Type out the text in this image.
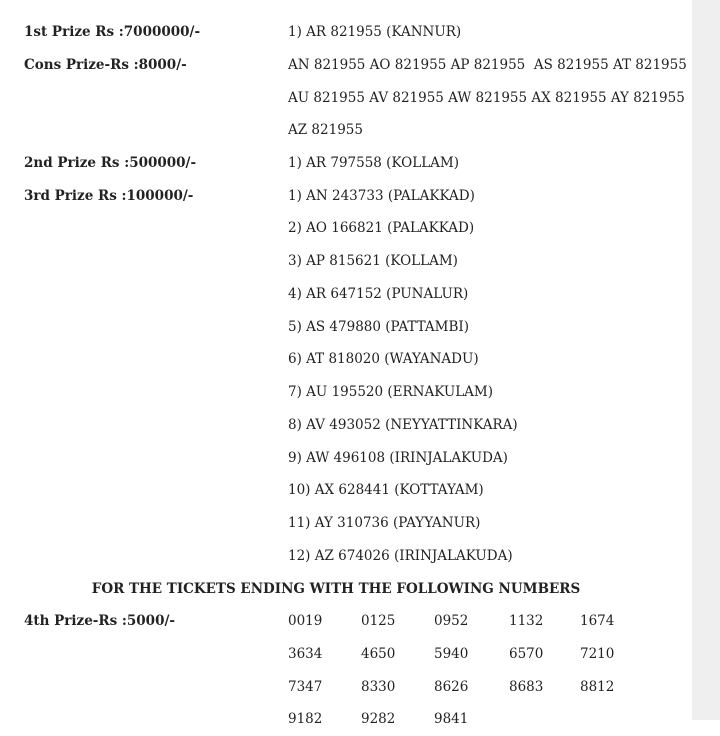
1st Prize Rs :7000000/-	1) AR 821955 (KANNUR)
Cons Prize-Rs :8000/-	AN 821955 AO 821955 AP 821955  AS 821955 AT 821955
AU 821955 AV 821955 AW 821955 AX 821955 AY 821955
AZ 821955
2nd Prize Rs :500000/-	1) AR 797558 (KOLLAM)
3rd Prize Rs :100000/-	1) AN 243733 (PALAKKAD)
2) AO 166821 (PALAKKAD)
3) AP 815621 (KOLLAM)
4) AR 647152 (PUNALUR)
5) AS 479880 (PATTAMBI)
6) AT 818020 (WAYANADU)
7) AU 195520 (ERNAKULAM)
8) AV 493052 (NEYYATTINKARA)
9) AW 496108 (IRINJALAKUDA)
10) AX 628441 (KOTTAYAM)
11) AY 310736 (PAYYANUR)
12) AZ 674026 (IRINJALAKUDA)
FOR THE TICKETS ENDING WITH THE FOLLOWING NUMBERS
4th Prize-Rs :5000/-	0019	0125	0952	1132	1674
3634	4650	5940	6570	7210
7347	8330	8626	8683	8812
9182	9282	9841
